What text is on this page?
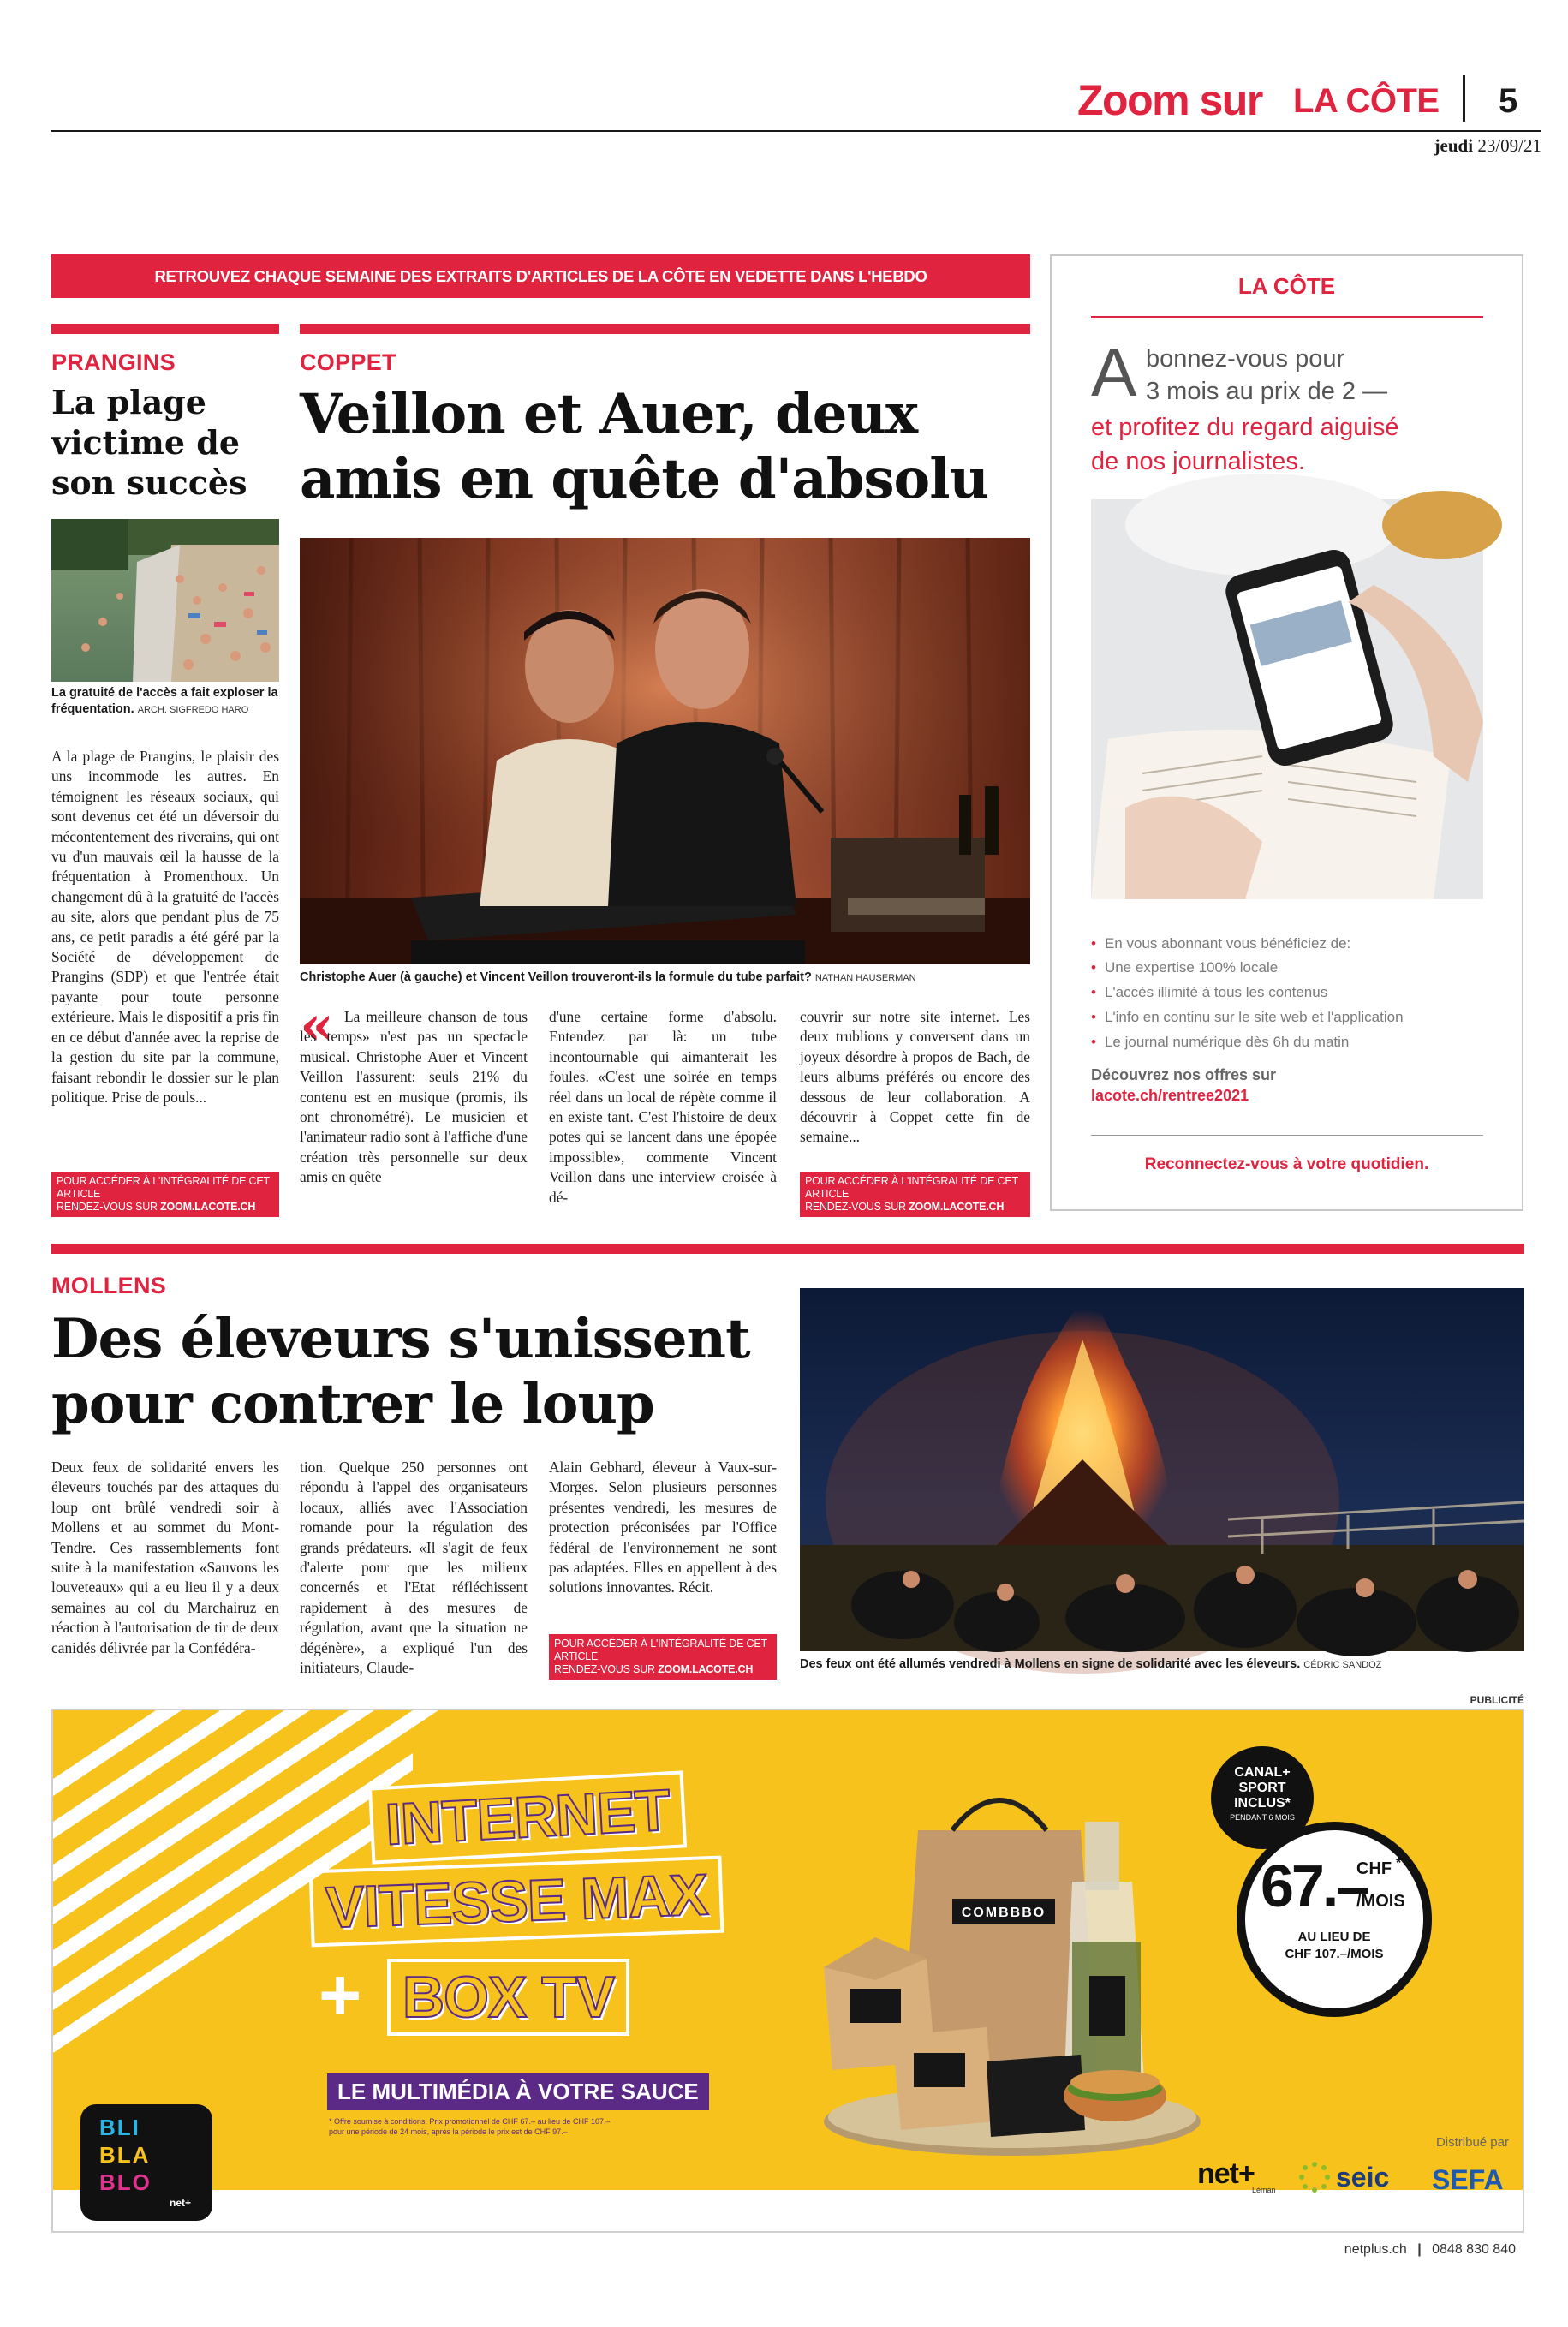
Zoom sur LA CÔTE 5
jeudi 23/09/21
RETROUVEZ CHAQUE SEMAINE DES EXTRAITS D'ARTICLES DE LA CÔTE EN VEDETTE DANS L'HEBDO
PRANGINS
La plage victime de son succès
La gratuité de l'accès a fait exploser la fréquentation. ARCH. SIGFREDO HARO
A la plage de Prangins, le plaisir des uns incommode les autres. En témoignent les réseaux sociaux, qui sont devenus cet été un déversoir du mécontentement des riverains, qui ont vu d'un mauvais œil la hausse de la fréquentation à Promenthoux. Un changement dû à la gratuité de l'accès au site, alors que pendant plus de 75 ans, ce petit paradis a été géré par la Société de développement de Prangins (SDP) et que l'entrée était payante pour toute personne extérieure. Mais le dispositif a pris fin en ce début d'année avec la reprise de la gestion du site par la commune, faisant rebondir le dossier sur le plan politique. Prise de pouls...
POUR ACCÉDER À L'INTÉGRALITÉ DE CET ARTICLE
RENDEZ-VOUS SUR ZOOM.LACOTE.CH
COPPET
Veillon et Auer, deux amis en quête d'absolu
Christophe Auer (à gauche) et Vincent Veillon trouveront-ils la formule du tube parfait? NATHAN HAUSERMAN
« La meilleure chanson de tous les temps» n'est pas un spectacle musical. Christophe Auer et Vincent Veillon l'assurent: seuls 21% du contenu est en musique (promis, ils ont chronométré). Le musicien et l'animateur radio sont à l'affiche d'une création très personnelle sur deux amis en quête
d'une certaine forme d'absolu. Entendez par là: un tube incontournable qui aimanterait les foules. «C'est une soirée en temps réel dans un local de répète comme il en existe tant. C'est l'histoire de deux potes qui se lancent dans une épopée impossible», commente Vincent Veillon dans une interview croisée à dé-
couvrir sur notre site internet. Les deux trublions y conversent dans un joyeux désordre à propos de Bach, de leurs albums préférés ou encore des dessous de leur collaboration. A découvrir à Coppet cette fin de semaine...
POUR ACCÉDER À L'INTÉGRALITÉ DE CET ARTICLE
RENDEZ-VOUS SUR ZOOM.LACOTE.CH
LA CÔTE
A bonnez-vous pour
3 mois au prix de 2 —
et profitez du regard aiguisé
de nos journalistes.
• En vous abonnant vous bénéficiez de:
• Une expertise 100% locale
• L'accès illimité à tous les contenus
• L'info en continu sur le site web et l'application
• Le journal numérique dès 6h du matin
Découvrez nos offres sur
lacote.ch/rentree2021
Reconnectez-vous à votre quotidien.
MOLLENS
Des éleveurs s'unissent pour contrer le loup
Deux feux de solidarité envers les éleveurs touchés par des attaques du loup ont brûlé vendredi soir à Mollens et au sommet du Mont-Tendre. Ces rassemblements font suite à la manifestation «Sauvons les louveteaux» qui a eu lieu il y a deux semaines au col du Marchairuz en réaction à l'autorisation de tir de deux canidés délivrée par la Confédéra-
tion. Quelque 250 personnes ont répondu à l'appel des organisateurs locaux, alliés avec l'Association romande pour la régulation des grands prédateurs. «Il s'agit de feux d'alerte pour que les milieux concernés et l'Etat réfléchissent rapidement à des mesures de régulation, avant que la situation ne dégénère», a expliqué l'un des initiateurs, Claude-
Alain Gebhard, éleveur à Vaux-sur-Morges. Selon plusieurs personnes présentes vendredi, les mesures de protection préconisées par l'Office fédéral de l'environnement ne sont pas adaptées. Elles en appellent à des solutions innovantes. Récit.
POUR ACCÉDER À L'INTÉGRALITÉ DE CET ARTICLE
RENDEZ-VOUS SUR ZOOM.LACOTE.CH	Des feux ont été allumés vendredi à Mollens en signe de solidarité avec les éleveurs. CÉDRIC SANDOZ
PUBLICITÉ
INTERNET
VITESSE MAX
+ BOX TV
LE MULTIMÉDIA À VOTRE SAUCE
* Offre soumise à conditions. Prix promotionnel de CHF 67.– au lieu de CHF 107.–
pour une période de 24 mois, après la période le prix est de CHF 97.–
BLI
BLA
BLO
net+
COMBBBO
CANAL+
SPORT
INCLUS*
PENDANT 6 MOIS
67.–
CHF *
/MOIS
AU LIEU DE
CHF 107.–/MOIS
Distribué par
net+
Léman seic SEFA
netplus.ch | 0848 830 840
